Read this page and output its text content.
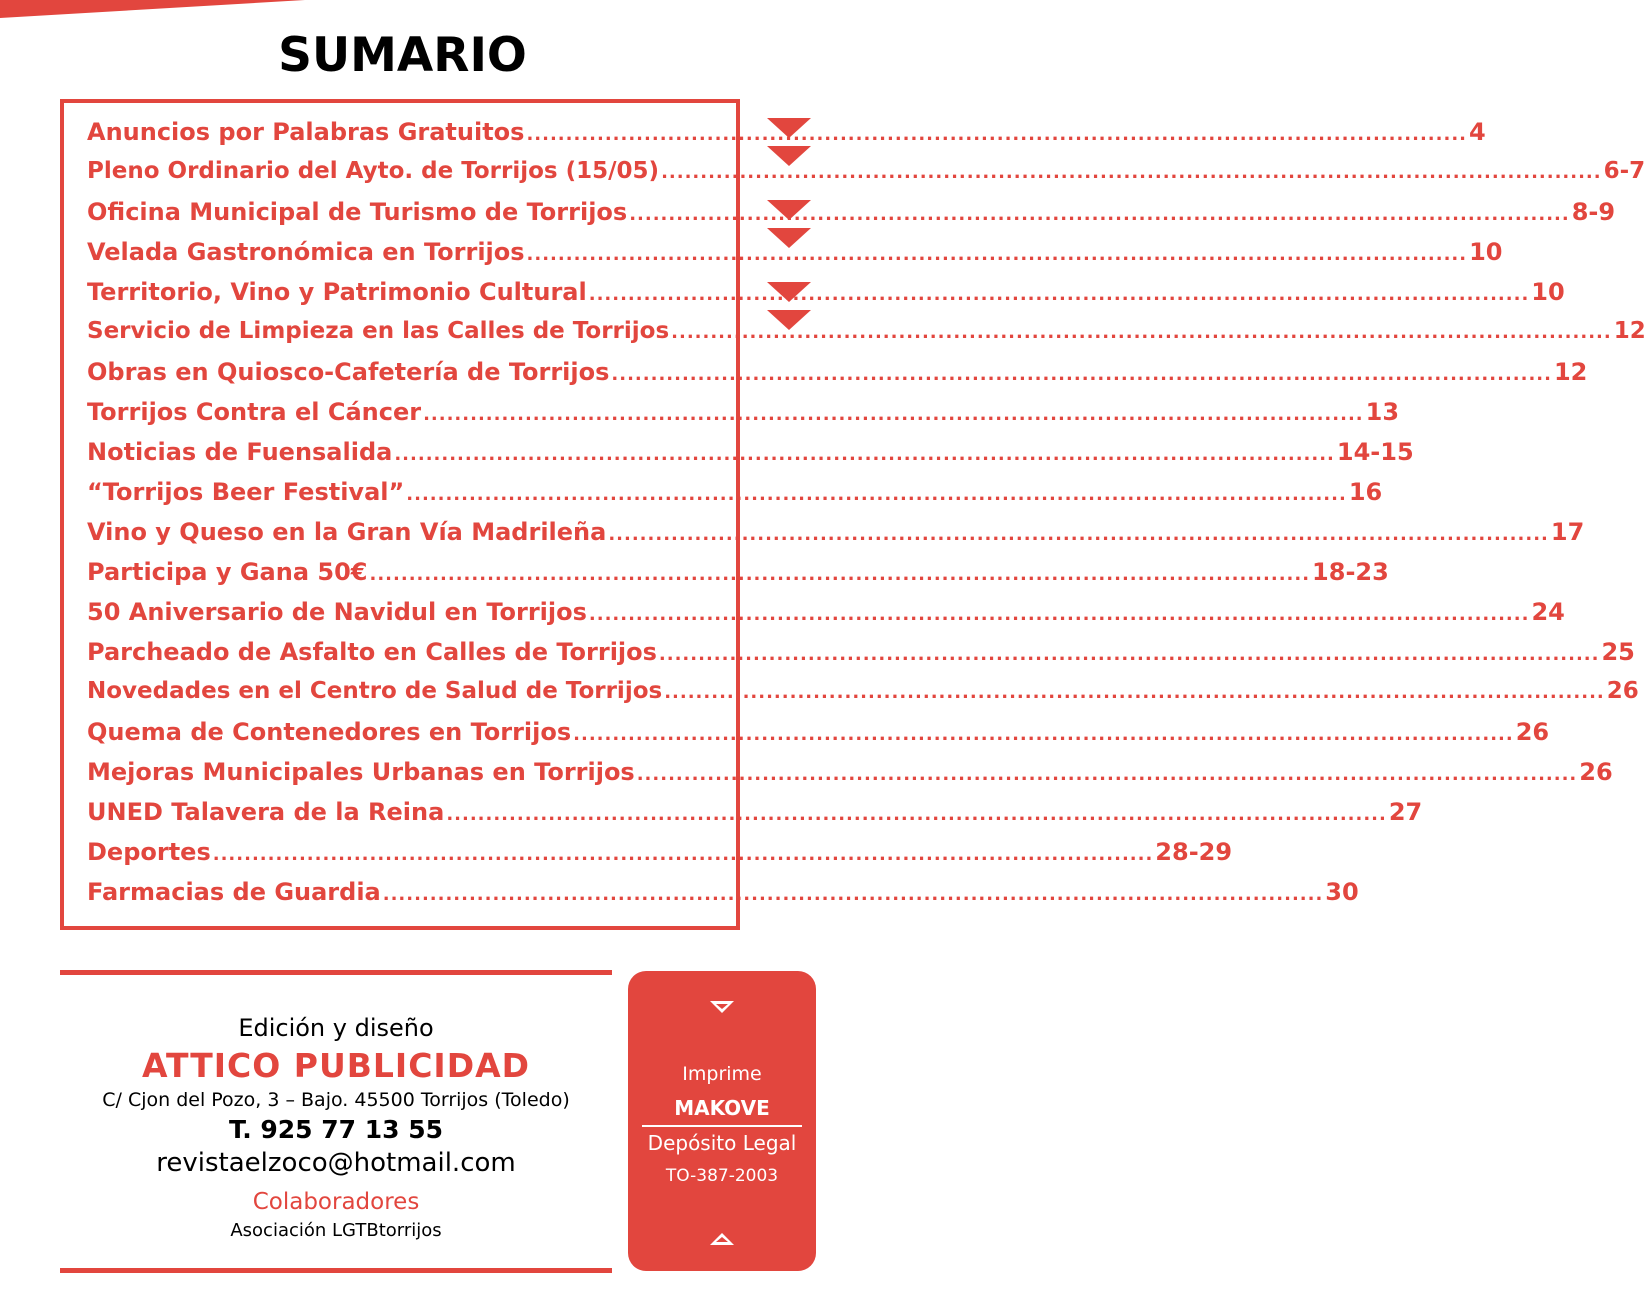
SUMARIO
Anuncios por Palabras Gratuitos ........................................................................................................................ 4
Pleno Ordinario del Ayto. de Torrijos (15/05) ........................................................................................................................ 6-7
Oficina Municipal de Turismo de Torrijos ........................................................................................................................ 8-9
Velada Gastronómica en Torrijos ........................................................................................................................ 10
Territorio, Vino y Patrimonio Cultural ........................................................................................................................ 10
Servicio de Limpieza en las Calles de Torrijos ........................................................................................................................ 12
Obras en Quiosco-Cafetería de Torrijos ........................................................................................................................ 12
Torrijos Contra el Cáncer ........................................................................................................................ 13
Noticias de Fuensalida ........................................................................................................................ 14-15
“Torrijos Beer Festival” ........................................................................................................................ 16
Vino y Queso en la Gran Vía Madrileña ........................................................................................................................ 17
Participa y Gana 50€ ........................................................................................................................ 18-23
50 Aniversario de Navidul en Torrijos ........................................................................................................................ 24
Parcheado de Asfalto en Calles de Torrijos ........................................................................................................................ 25
Novedades en el Centro de Salud de Torrijos ........................................................................................................................ 26
Quema de Contenedores en Torrijos ........................................................................................................................ 26
Mejoras Municipales Urbanas en Torrijos ........................................................................................................................ 26
UNED Talavera de la Reina ........................................................................................................................ 27
Deportes ........................................................................................................................ 28-29
Farmacias de Guardia ........................................................................................................................ 30
Edición y diseño
ATTICO PUBLICIDAD
C/ Cjon del Pozo, 3 – Bajo. 45500 Torrijos (Toledo)
T. 925 77 13 55
revistaelzoco@hotmail.com
Colaboradores
Asociación LGTBtorrijos
Imprime
MAKOVE
Depósito Legal
TO-387-2003
